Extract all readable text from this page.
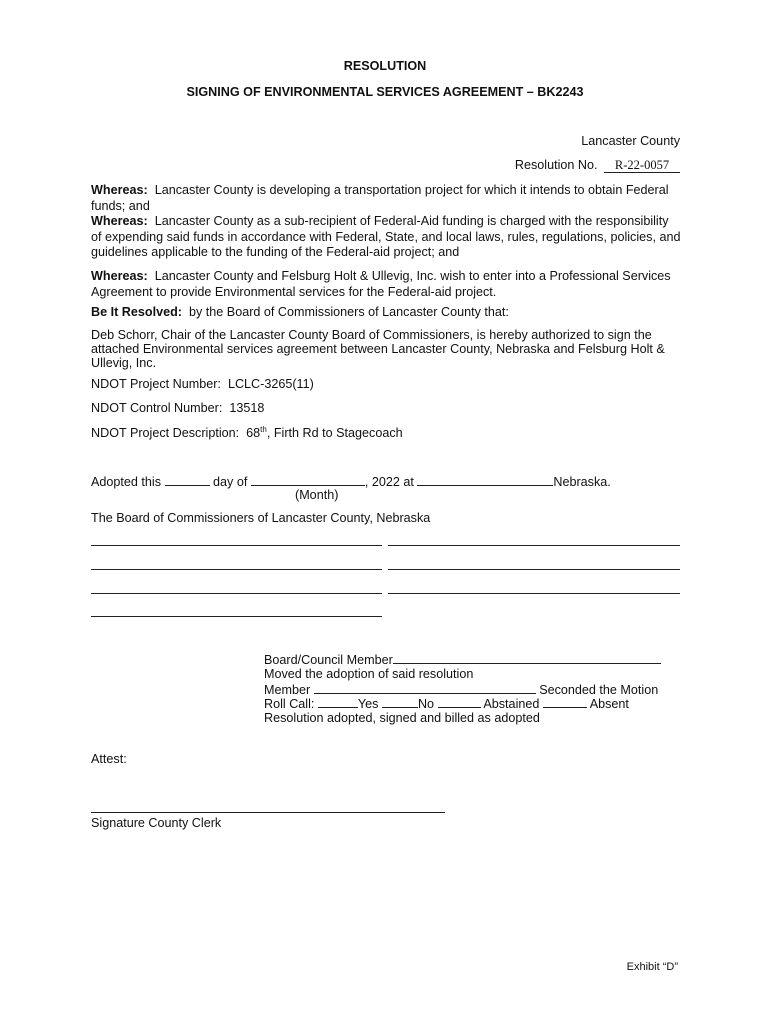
RESOLUTION
SIGNING OF ENVIRONMENTAL SERVICES AGREEMENT – BK2243
Lancaster County
Resolution No. R-22-0057
Whereas: Lancaster County is developing a transportation project for which it intends to obtain Federal funds; and
Whereas: Lancaster County as a sub-recipient of Federal-Aid funding is charged with the responsibility of expending said funds in accordance with Federal, State, and local laws, rules, regulations, policies, and guidelines applicable to the funding of the Federal-aid project; and
Whereas: Lancaster County and Felsburg Holt & Ullevig, Inc. wish to enter into a Professional Services Agreement to provide Environmental services for the Federal-aid project.
Be It Resolved: by the Board of Commissioners of Lancaster County that:
Deb Schorr, Chair of the Lancaster County Board of Commissioners, is hereby authorized to sign the attached Environmental services agreement between Lancaster County, Nebraska and Felsburg Holt & Ullevig, Inc.
NDOT Project Number: LCLC-3265(11)
NDOT Control Number: 13518
NDOT Project Description: 68th, Firth Rd to Stagecoach
Adopted this	day of	, 2022 at	Nebraska.
(Month)
The Board of Commissioners of Lancaster County, Nebraska
Board/Council Member
Moved the adoption of said resolution
Member	Seconded the Motion
Roll Call:	Yes	No	Abstained	Absent
Resolution adopted, signed and billed as adopted
Attest:
Signature County Clerk
Exhibit “D”
